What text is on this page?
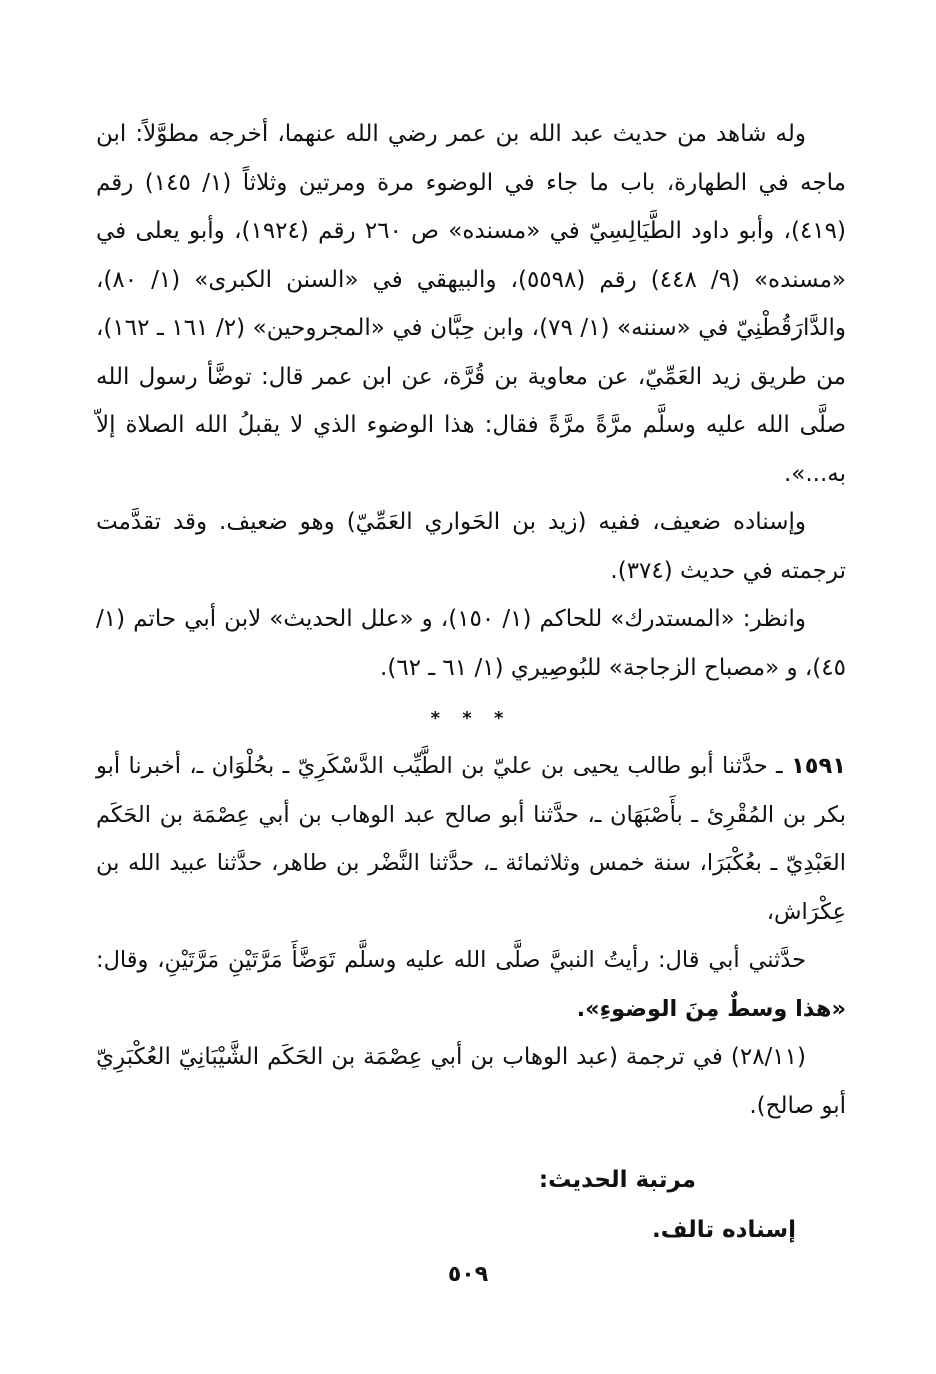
وله شاهد من حديث عبد الله بن عمر رضي الله عنهما، أخرجه مطوَّلاً: ابن ماجه في الطهارة، باب ما جاء في الوضوء مرة ومرتين وثلاثاً (١/ ١٤٥) رقم (٤١٩)، وأبو داود الطَّيَالِسِيّ في «مسنده» ص ٢٦٠ رقم (١٩٢٤)، وأبو يعلى في «مسنده» (٩/ ٤٤٨) رقم (٥٥٩٨)، والبيهقي في «السنن الكبرى» (١/ ٨٠)، والدَّارَقُطْنِيّ في «سننه» (١/ ٧٩)، وابن حِبَّان في «المجروحين» (٢/ ١٦١ ـ ١٦٢)، من طريق زيد العَمِّيّ، عن معاوية بن قُرَّة، عن ابن عمر قال: توضَّأ رسول الله صلَّى الله عليه وسلَّم مرَّةً مرَّةً فقال: هذا الوضوء الذي لا يقبلُ الله الصلاة إلاّ به...».

وإسناده ضعيف، ففيه (زيد بن الحَواري العَمِّيّ) وهو ضعيف. وقد تقدَّمت ترجمته في حديث (٣٧٤).

وانظر: «المستدرك» للحاكم (١/ ١٥٠)، و «علل الحديث» لابن أبي حاتم (١/ ٤٥)، و «مصباح الزجاجة» للبُوصِيري (١/ ٦١ ـ ٦٢).

* * *

١٥٩١ ـ حدَّثنا أبو طالب يحيى بن عليّ بن الطَّيِّب الدَّسْكَرِيّ ـ بحُلْوَان ـ، أخبرنا أبو بكر بن المُقْرِئ ـ بأَصْبَهَان ـ، حدَّثنا أبو صالح عبد الوهاب بن أبي عِصْمَة بن الحَكَم العَبْدِيّ ـ بعُكْبَرَا، سنة خمس وثلاثمائة ـ، حدَّثنا النَّضْر بن طاهر، حدَّثنا عبيد الله بن عِكْرَاش،

حدَّثني أبي قال: رأيتُ النبيَّ صلَّى الله عليه وسلَّم تَوَضَّأَ مَرَّتَيْنِ مَرَّتَيْنِ، وقال: «هذا وسطٌ مِنَ الوضوءِ».

(٢٨/١١) في ترجمة (عبد الوهاب بن أبي عِصْمَة بن الحَكَم الشَّيْبَانِيّ العُكْبَرِيّ أبو صالح).

مرتبة الحديث:

إسناده تالف.

٥٠٩
